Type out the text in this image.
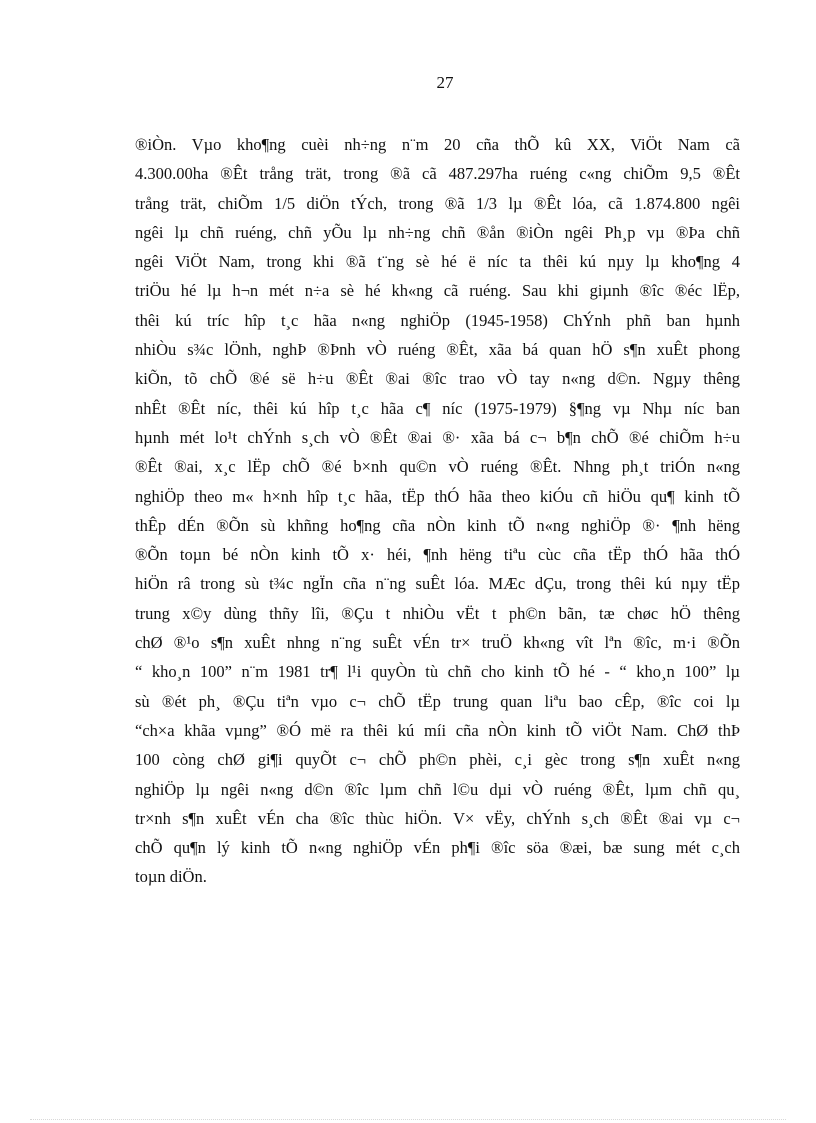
27
®iÒn. Vµo kho¶ng cuèi nh÷ng n¨m 20 cña thÕ kû XX, ViÖt Nam cã
4.300.00ha ®Êt trång trät, trong ®ã cã 487.297ha ruéng c«ng chiÕm 9,5 ®Êt
trång trät, chiÕm 1/5 diÖn tÝch, trong ®ã 1/3 lµ ®Êt lóa, cã 1.874.800 ngêi
ngêi lµ chñ ruéng, chñ yÕu lµ nh÷ng chñ ®ån ®iÒn ngêi Ph¸p vµ ®Þa chñ
ngêi ViÖt Nam, trong khi ®ã t¨ng sè hé ë níc ta thêi kú nµy lµ kho¶ng 4
triÖu hé lµ h¬n mét n÷a sè hé kh«ng cã ruéng. Sau khi giµnh ®îc ®éc lËp,
thêi kú tríc hîp t¸c hãa n«ng nghiÖp (1945-1958) ChÝnh phñ ban hµnh
nhiÒu s¾c lÖnh, nghÞ ®Þnh vÒ ruéng ®Êt, xãa bá quan hÖ s¶n xuÊt phong
kiÕn, tõ chÕ ®é së h÷u ®Êt ®ai ®îc trao vÒ tay n«ng d©n. Ngµy thêng
nhÊt ®Êt níc, thêi kú hîp t¸c hãa c¶ níc (1975-1979) §¶ng vµ Nhµ níc ban
hµnh mét lo¹t chÝnh s¸ch vÒ ®Êt ®ai ®· xãa bá c¬ b¶n chÕ ®é chiÕm h÷u
®Êt ®ai, x¸c lËp chÕ ®é b×nh qu©n vÒ ruéng ®Êt. Nhng ph¸t triÓn n«ng
nghiÖp theo m« h×nh hîp t¸c hãa, tËp thÓ hãa theo kiÓu cñ hiÖu qu¶ kinh tÕ
thÊp dÉn ®Õn sù khñng ho¶ng cña nÒn kinh tÕ n«ng nghiÖp ®· ¶nh hëng
®Õn toµn bé nÒn kinh tÕ x· héi, ¶nh hëng tiªu cùc cña tËp thÓ hãa thÓ
hiÖn râ trong sù t¾c ngÏn cña n¨ng suÊt lóa. MÆc dÇu, trong thêi kú nµy tËp
trung x©y dùng thñy lîi, ®Çu t nhiÒu vËt t ph©n bãn, tæ chøc hÖ thêng
chØ ®¹o s¶n xuÊt nhng n¨ng suÊt vÉn tr× truÖ kh«ng vît lªn ®îc, m·i ®Õn
“ kho¸n 100” n¨m 1981 tr¶ l¹i quyÒn tù chñ cho kinh tÕ hé - “ kho¸n 100” lµ
sù ®ét ph¸ ®Çu tiªn vµo c¬ chÕ tËp trung quan liªu bao cÊp, ®îc coi lµ
“ch×a khãa vµng” ®Ó më ra thêi kú míi cña nÒn kinh tÕ viÖt Nam. ChØ thÞ
100 còng chØ gi¶i quyÕt c¬ chÕ ph©n phèi, c¸i gèc trong s¶n xuÊt n«ng
nghiÖp lµ ngêi n«ng d©n ®îc lµm chñ l©u dµi vÒ ruéng ®Êt, lµm chñ qu¸
tr×nh s¶n xuÊt vÉn cha ®îc thùc hiÖn. V× vËy, chÝnh s¸ch ®Êt ®ai vµ c¬
chÕ qu¶n lý kinh tÕ n«ng nghiÖp vÉn ph¶i ®îc söa ®æi, bæ sung mét c¸ch
toµn diÖn.
